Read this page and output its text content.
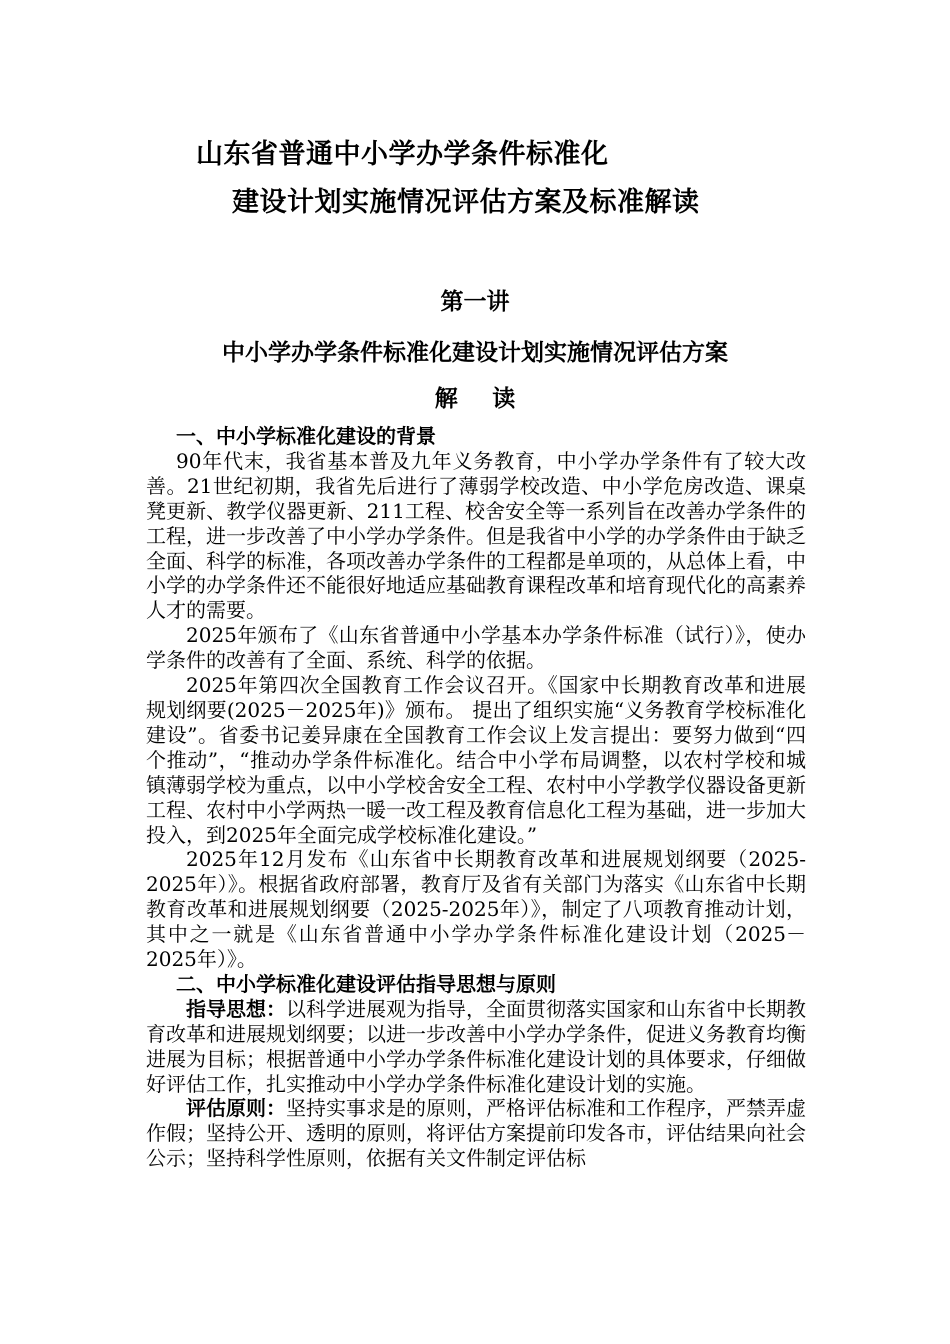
山东省普通中小学办学条件标准化
建设计划实施情况评估方案及标准解读
第一讲
中小学办学条件标准化建设计划实施情况评估方案
解读

一、中小学标准化建设的背景

90年代末，我省基本普及九年义务教育，中小学办学条件有了较大改善。21世纪初期，我省先后进行了薄弱学校改造、中小学危房改造、课桌凳更新、教学仪器更新、211工程、校舍安全等一系列旨在改善办学条件的工程，进一步改善了中小学办学条件。但是我省中小学的办学条件由于缺乏全面、科学的标准，各项改善办学条件的工程都是单项的，从总体上看，中小学的办学条件还不能很好地适应基础教育课程改革和培育现代化的高素养人才的需要。

2025年颁布了《山东省普通中小学基本办学条件标准（试行）》，使办学条件的改善有了全面、系统、科学的依据。

2025年第四次全国教育工作会议召开。《国家中长期教育改革和进展规划纲要(2025－2025年)》颁布。 提出了组织实施“义务教育学校标准化建设”。省委书记姜异康在全国教育工作会议上发言提出：要努力做到“四个推动”，“推动办学条件标准化。结合中小学布局调整，以农村学校和城镇薄弱学校为重点，以中小学校舍安全工程、农村中小学教学仪器设备更新工程、农村中小学两热一暖一改工程及教育信息化工程为基础，进一步加大投入，到2025年全面完成学校标准化建设。”

2025年12月发布《山东省中长期教育改革和进展规划纲要（2025-2025年）》。根据省政府部署，教育厅及省有关部门为落实《山东省中长期教育改革和进展规划纲要（2025-2025年）》，制定了八项教育推动计划，其中之一就是《山东省普通中小学办学条件标准化建设计划（2025－2025年）》。

二、中小学标准化建设评估指导思想与原则

指导思想：以科学进展观为指导，全面贯彻落实国家和山东省中长期教育改革和进展规划纲要；以进一步改善中小学办学条件，促进义务教育均衡进展为目标；根据普通中小学办学条件标准化建设计划的具体要求，仔细做好评估工作，扎实推动中小学办学条件标准化建设计划的实施。

评估原则：坚持实事求是的原则，严格评估标准和工作程序，严禁弄虚作假；坚持公开、透明的原则，将评估方案提前印发各市，评估结果向社会公示；坚持科学性原则，依据有关文件制定评估标
